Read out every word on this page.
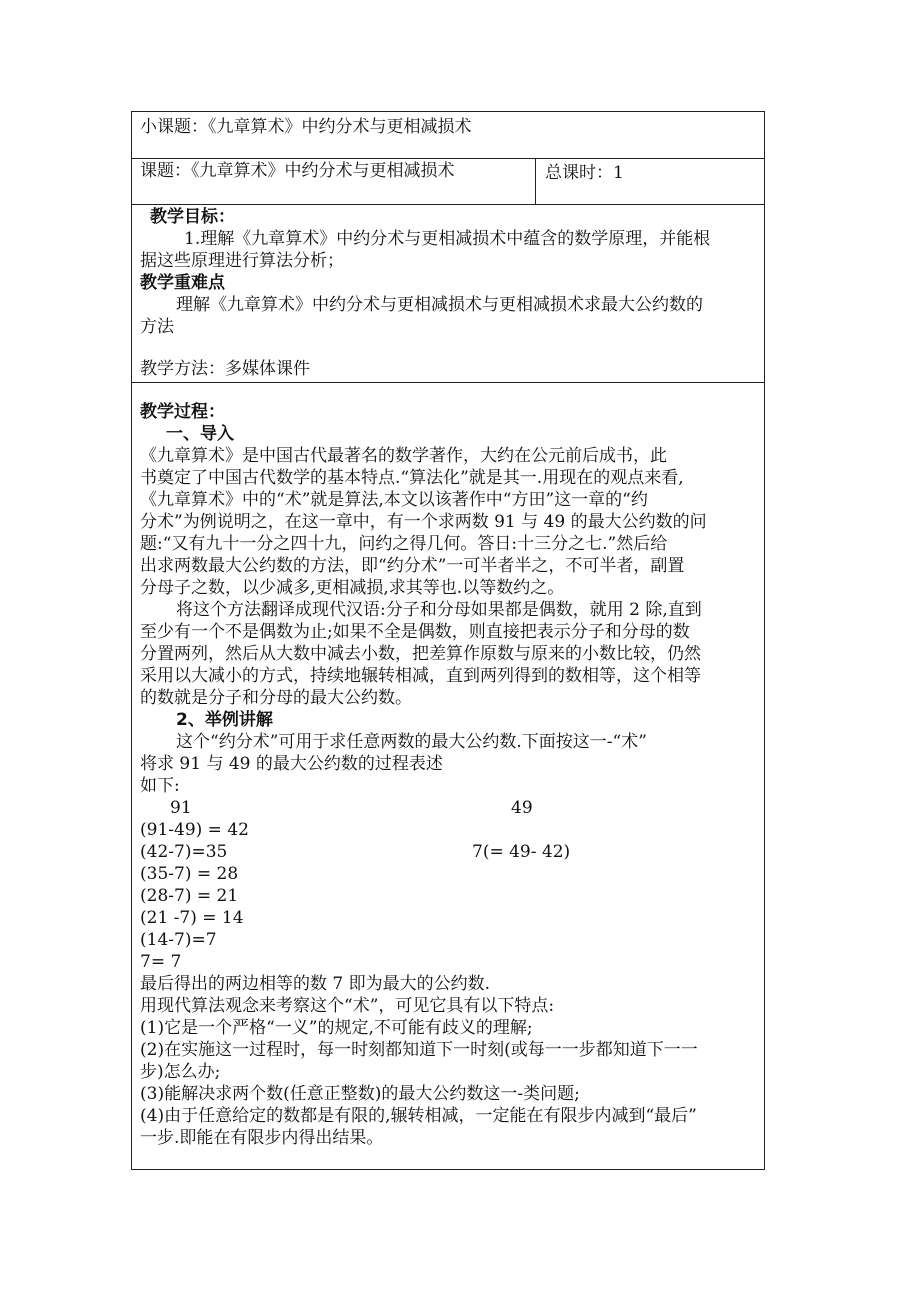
小课题：《九章算术》中约分术与更相减损术
课题：《九章算术》中约分术与更相减损术	总课时：1
教学目标：
1.理解《九章算术》中约分术与更相减损术中蕴含的数学原理，并能根
据这些原理进行算法分析；
教学重难点
理解《九章算术》中约分术与更相减损术与更相减损术求最大公约数的
方法
教学方法：多媒体课件
教学过程：
一、导入
《九章算术》是中国古代最著名的数学著作，大约在公元前后成书，此
书奠定了中国古代数学的基本特点.“算法化”就是其一.用现在的观点来看,
《九章算术》中的“术”就是算法,本文以该著作中“方田”这一章的“约
分术”为例说明之，在这一章中，有一个求两数 91 与 49 的最大公约数的问
题:“又有九十一分之四十九，问约之得几何。答日:十三分之七.”然后给
出求两数最大公约数的方法，即“约分术”一可半者半之，不可半者，副置
分母子之数，以少减多,更相减损,求其等也.以等数约之。
将这个方法翻译成现代汉语:分子和分母如果都是偶数，就用 2 除,直到
至少有一个不是偶数为止;如果不全是偶数，则直接把表示分子和分母的数
分置两列，然后从大数中减去小数，把差算作原数与原来的小数比较，仍然
采用以大减小的方式，持续地辗转相减，直到两列得到的数相等，这个相等
的数就是分子和分母的最大公约数。
2、举例讲解
这个“约分术”可用于求任意两数的最大公约数.下面按这一-“术”
将求 91 与 49 的最大公约数的过程表述
如下:
91	49
(91-49) = 42
(42-7)=35	7(= 49- 42)
(35-7) = 28
(28-7) = 21
(21 -7) = 14
(14-7)=7
7= 7
最后得出的两边相等的数 7 即为最大的公约数.
用现代算法观念来考察这个“术”，可见它具有以下特点:
(1)它是一个严格“一义”的规定,不可能有歧义的理解;
(2)在实施这一过程时，每一时刻都知道下一时刻(或每一一步都知道下一一
步)怎么办;
(3)能解决求两个数(任意正整数)的最大公约数这一-类问题;
(4)由于任意给定的数都是有限的,辗转相减，一定能在有限步内减到“最后”
一步.即能在有限步内得出结果。
